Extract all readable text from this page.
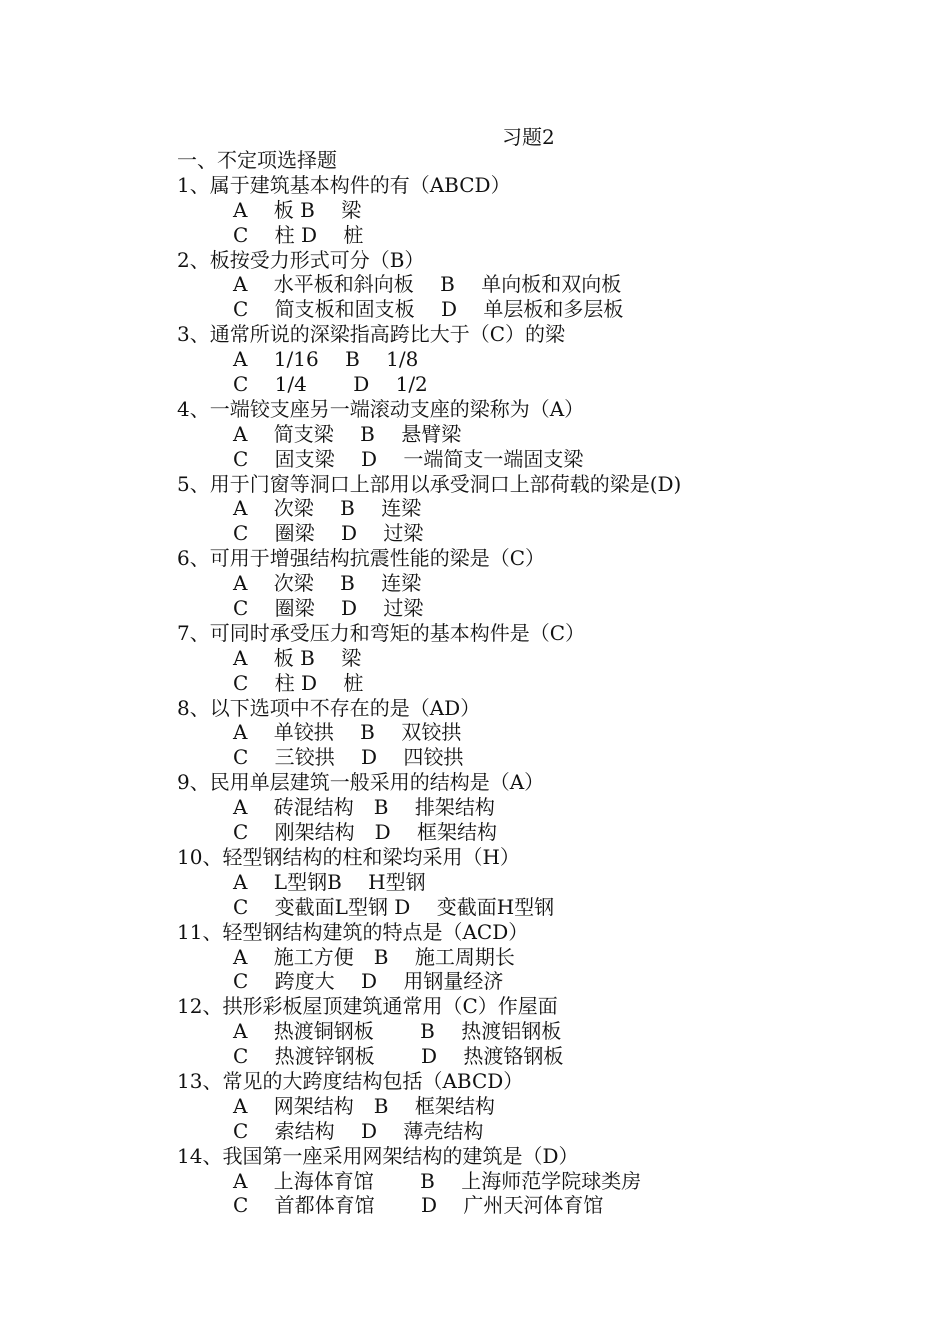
习题2
一、不定项选择题
1、属于建筑基本构件的有（ABCD）
A　 板 B　 梁
C　 柱 D　 桩
2、板按受力形式可分（B）
A　 水平板和斜向板　 B　 单向板和双向板
C　 简支板和固支板　 D　 单层板和多层板
3、通常所说的深梁指高跨比大于（C）的梁
A　 1/16　 B　 1/8
C　 1/4　　 D　 1/2
4、一端铰支座另一端滚动支座的梁称为（A）
A　 简支梁　 B　 悬臂梁
C　 固支梁　 D　 一端简支一端固支梁
5、用于门窗等洞口上部用以承受洞口上部荷载的梁是(D)
A　 次梁　 B　 连梁
C　 圈梁　 D　 过梁
6、可用于增强结构抗震性能的梁是（C）
A　 次梁　 B　 连梁
C　 圈梁　 D　 过梁
7、可同时承受压力和弯矩的基本构件是（C）
A　 板 B　 梁
C　 柱 D　 桩
8、以下选项中不存在的是（AD）
A　 单铰拱　 B　 双铰拱
C　 三铰拱　 D　 四铰拱
9、民用单层建筑一般采用的结构是（A）
A　 砖混结构　B　 排架结构
C　 刚架结构　D　 框架结构
10、轻型钢结构的柱和梁均采用（H）
A　 L型钢B　 H型钢
C　 变截面L型钢 D　 变截面H型钢
11、轻型钢结构建筑的特点是（ACD）
A　 施工方便　B　 施工周期长
C　 跨度大　 D　 用钢量经济
12、拱形彩板屋顶建筑通常用（C）作屋面
A　 热渡铜钢板　　 B　 热渡铝钢板
C　 热渡锌钢板　　 D　 热渡铬钢板
13、常见的大跨度结构包括（ABCD）
A　 网架结构　B　 框架结构
C　 索结构　 D　 薄壳结构
14、我国第一座采用网架结构的建筑是（D）
A　 上海体育馆　　 B　 上海师范学院球类房
C　 首都体育馆　　 D　 广州天河体育馆
